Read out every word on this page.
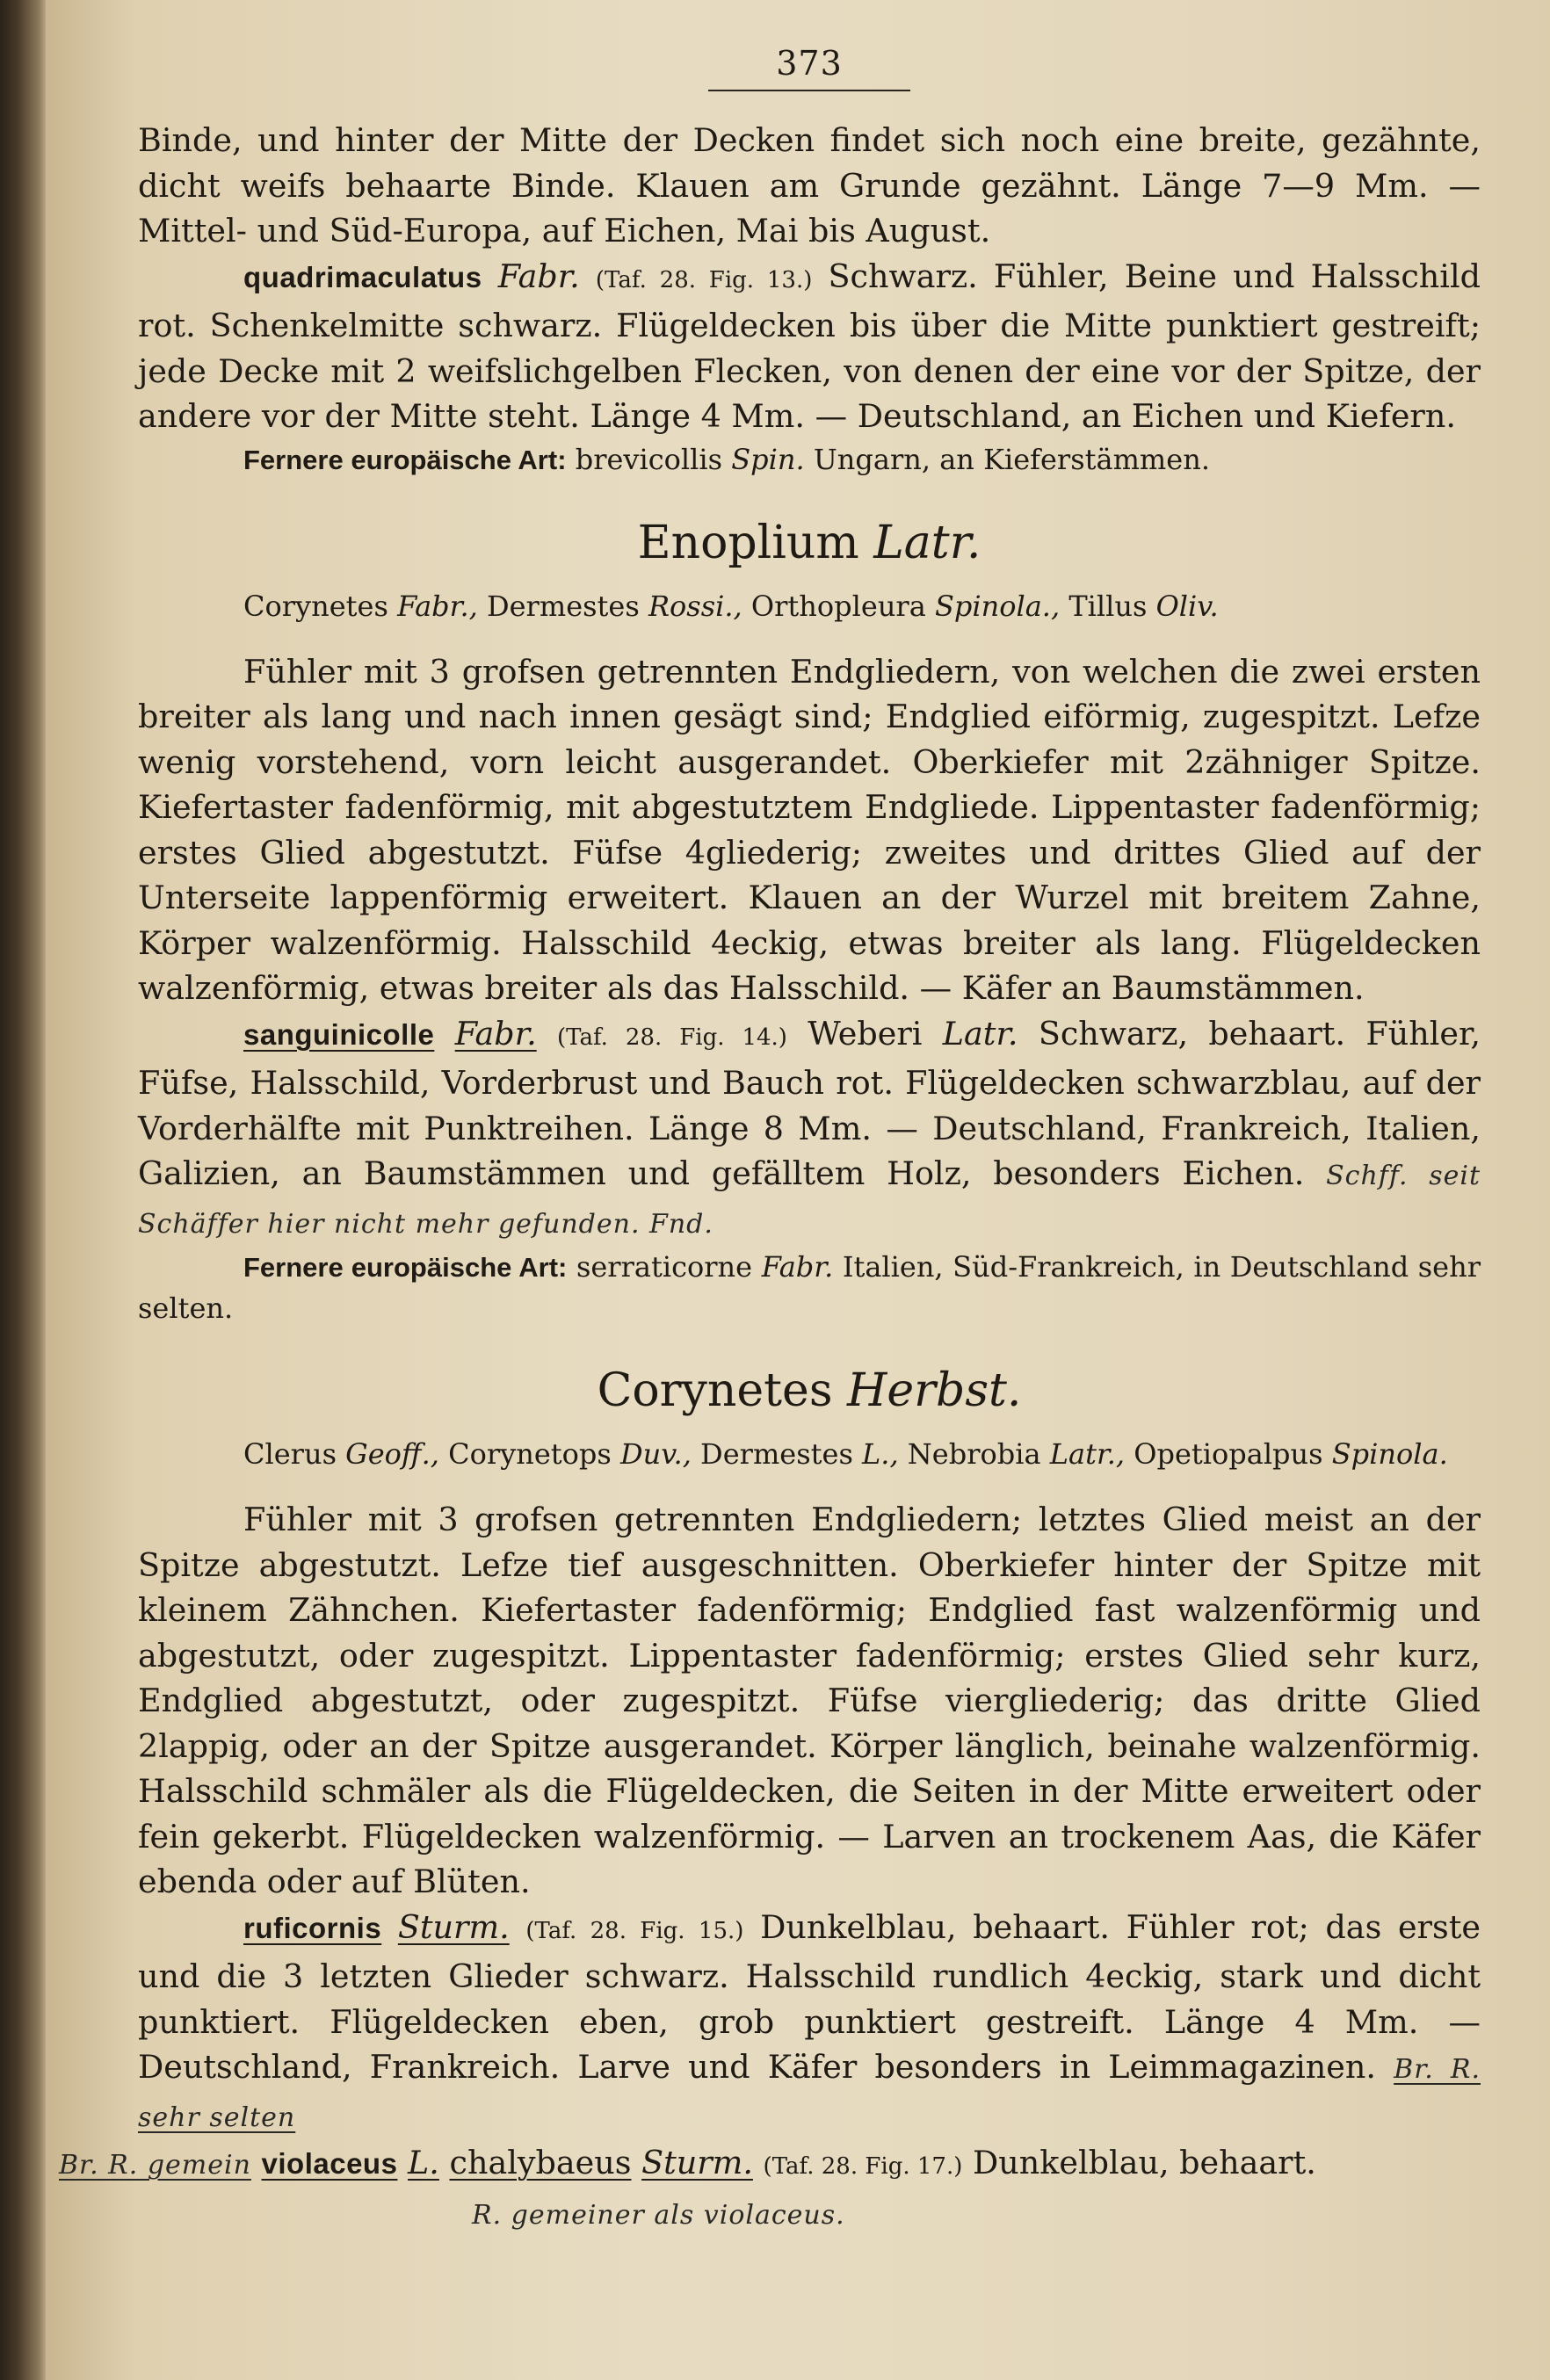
373

Binde, und hinter der Mitte der Decken findet sich noch eine breite, gezähnte, dicht weifs behaarte Binde. Klauen am Grunde gezähnt. Länge 7—9 Mm. — Mittel- und Süd-Europa, auf Eichen, Mai bis August.

quadrimaculatus Fabr. (Taf. 28. Fig. 13.) Schwarz. Fühler, Beine und Halsschild rot. Schenkelmitte schwarz. Flügeldecken bis über die Mitte punktiert gestreift; jede Decke mit 2 weifslichgelben Flecken, von denen der eine vor der Spitze, der andere vor der Mitte steht. Länge 4 Mm. — Deutschland, an Eichen und Kiefern.

Fernere europäische Art: brevicollis Spin. Ungarn, an Kieferstämmen.

Enoplium Latr.

Corynetes Fabr., Dermestes Rossi., Orthopleura Spinola., Tillus Oliv.

Fühler mit 3 grofsen getrennten Endgliedern, von welchen die zwei ersten breiter als lang und nach innen gesägt sind; Endglied eiförmig, zugespitzt. Lefze wenig vorstehend, vorn leicht ausgerandet. Oberkiefer mit 2zähniger Spitze. Kiefertaster fadenförmig, mit abgestutztem Endgliede. Lippentaster fadenförmig; erstes Glied abgestutzt. Füfse 4gliederig; zweites und drittes Glied auf der Unterseite lappenförmig erweitert. Klauen an der Wurzel mit breitem Zahne, Körper walzenförmig. Halsschild 4eckig, etwas breiter als lang. Flügeldecken walzenförmig, etwas breiter als das Halsschild. — Käfer an Baumstämmen.

sanguinicolle Fabr. (Taf. 28. Fig. 14.) Weberi Latr. Schwarz, behaart. Fühler, Füfse, Halsschild, Vorderbrust und Bauch rot. Flügeldecken schwarzblau, auf der Vorderhälfte mit Punktreihen. Länge 8 Mm. — Deutschland, Frankreich, Italien, Galizien, an Baumstämmen und gefälltem Holz, besonders Eichen. Schff. seit Schäffer hier nicht mehr gefunden. Fnd.

Fernere europäische Art: serraticorne Fabr. Italien, Süd-Frankreich, in Deutschland sehr selten.

Corynetes Herbst.

Clerus Geoff., Corynetops Duv., Dermestes L., Nebrobia Latr., Opetiopalpus Spinola.

Fühler mit 3 grofsen getrennten Endgliedern; letztes Glied meist an der Spitze abgestutzt. Lefze tief ausgeschnitten. Oberkiefer hinter der Spitze mit kleinem Zähnchen. Kiefertaster fadenförmig; Endglied fast walzenförmig und abgestutzt, oder zugespitzt. Lippentaster fadenförmig; erstes Glied sehr kurz, Endglied abgestutzt, oder zugespitzt. Füfse viergliederig; das dritte Glied 2lappig, oder an der Spitze ausgerandet. Körper länglich, beinahe walzenförmig. Halsschild schmäler als die Flügeldecken, die Seiten in der Mitte erweitert oder fein gekerbt. Flügeldecken walzenförmig. — Larven an trockenem Aas, die Käfer ebenda oder auf Blüten.

ruficornis Sturm. (Taf. 28. Fig. 15.) Dunkelblau, behaart. Fühler rot; das erste und die 3 letzten Glieder schwarz. Halsschild rundlich 4eckig, stark und dicht punktiert. Flügeldecken eben, grob punktiert gestreift. Länge 4 Mm. — Deutschland, Frankreich. Larve und Käfer besonders in Leimmagazinen. Br. R. sehr selten

Br. R. gemein violaceus L. chalybaeus Sturm. (Taf. 28. Fig. 17.) Dunkelblau, behaart.

R. gemeiner als violaceus.
